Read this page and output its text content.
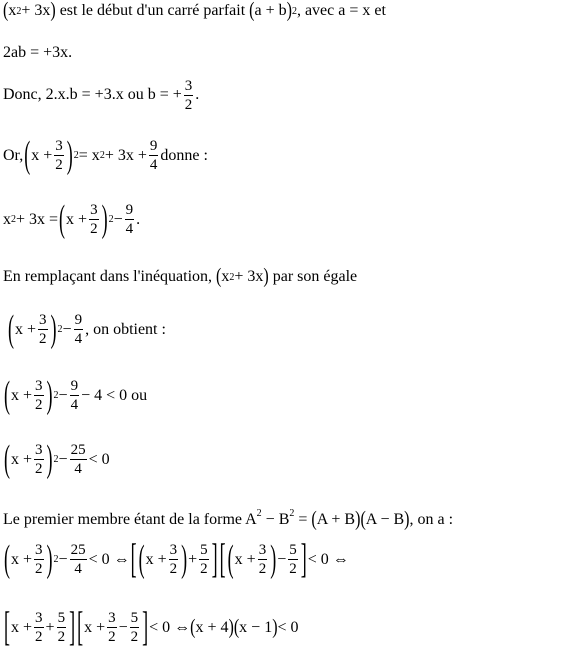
( x 2 + 3x ) est le début d'un carré parfait ( a + b ) 2 , avec a = x et
2ab = +3x.
Donc, 2.x.b = +3.x ou b = + $\frac{3}{2}$ .
Or, ( $x + \frac{3}{2}$ ) 2 = x $2 + 3x + \frac{9}{4}$ donne :
x 2 + 3x = ( $x + \frac{3}{2}$ ) $2 - \frac{9}{4}$ .
En remplaçant dans l'inéquation, ( x 2 + 3x ) par son égale
( $x + \frac{3}{2}$ ) $2 - \frac{9}{4}$ , on obtient :
( $x + \frac{3}{2}$ ) $2 - \frac{9}{4} - 4 < 0$ ou
( $x + \frac{3}{2}$ ) $2 - \frac{25}{4} < 0$
Le premier membre étant de la forme $A^2 - B^2$ = ( A + B ) ( A − B ) , on a :
( $x + \frac{3}{2}$ ) $2 - \frac{25}{4} < 0$ ⇔ [ ( $x + \frac{3}{2}$ ) + $\frac{5}{2}$ ] [ ( $x + \frac{3}{2}$ ) − $\frac{5}{2}$ ] < 0 ⇔
[ $x + \frac{3}{2} + \frac{5}{2}$ ] [ $x + \frac{3}{2} - \frac{5}{2}$ ] < 0 ⇔ ( x + 4 ) ( x − 1 ) < 0
